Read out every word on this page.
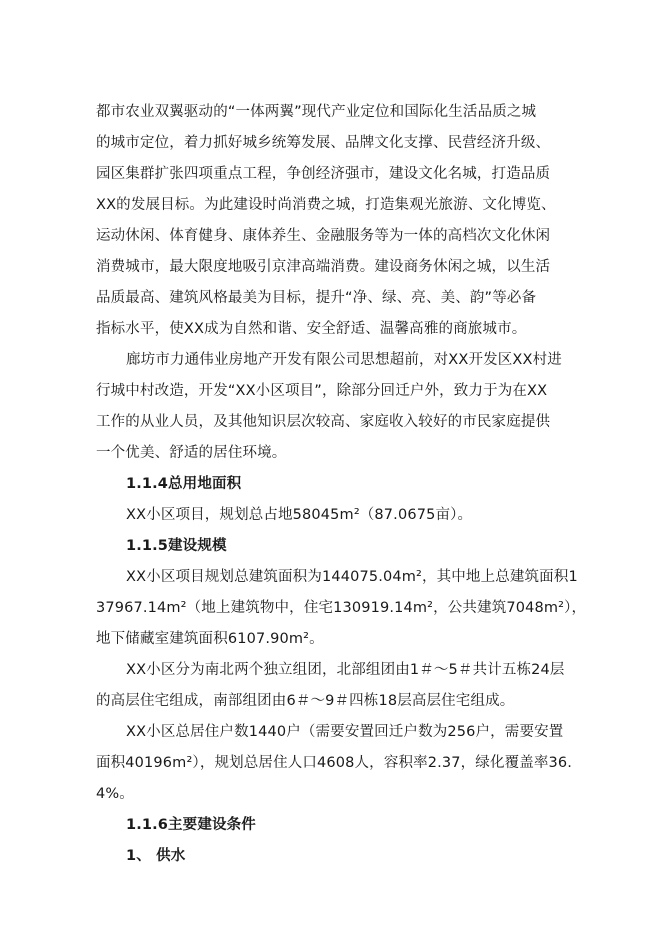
都市农业双翼驱动的“一体两翼”现代产业定位和国际化生活品质之城
的城市定位，着力抓好城乡统筹发展、品牌文化支撑、民营经济升级、
园区集群扩张四项重点工程，争创经济强市，建设文化名城，打造品质
XX的发展目标。为此建设时尚消费之城，打造集观光旅游、文化博览、
运动休闲、体育健身、康体养生、金融服务等为一体的高档次文化休闲
消费城市，最大限度地吸引京津高端消费。建设商务休闲之城，以生活
品质最高、建筑风格最美为目标，提升“净、绿、亮、美、韵”等必备
指标水平，使XX成为自然和谐、安全舒适、温馨高雅的商旅城市。
廊坊市力通伟业房地产开发有限公司思想超前，对XX开发区XX村进
行城中村改造，开发“XX小区项目”，除部分回迁户外，致力于为在XX
工作的从业人员，及其他知识层次较高、家庭收入较好的市民家庭提供
一个优美、舒适的居住环境。
1.1.4总用地面积
XX小区项目，规划总占地58045m²（87.0675亩）。
1.1.5建设规模
XX小区项目规划总建筑面积为144075.04m²，其中地上总建筑面积1
37967.14m²（地上建筑物中，住宅130919.14m²，公共建筑7048m²），
地下储藏室建筑面积6107.90m²。
XX小区分为南北两个独立组团，北部组团由1＃～5＃共计五栋24层
的高层住宅组成，南部组团由6＃～9＃四栋18层高层住宅组成。
XX小区总居住户数1440户（需要安置回迁户数为256户，需要安置
面积40196m²），规划总居住人口4608人，容积率2.37，绿化覆盖率36.
4%。
1.1.6主要建设条件
1、 供水
